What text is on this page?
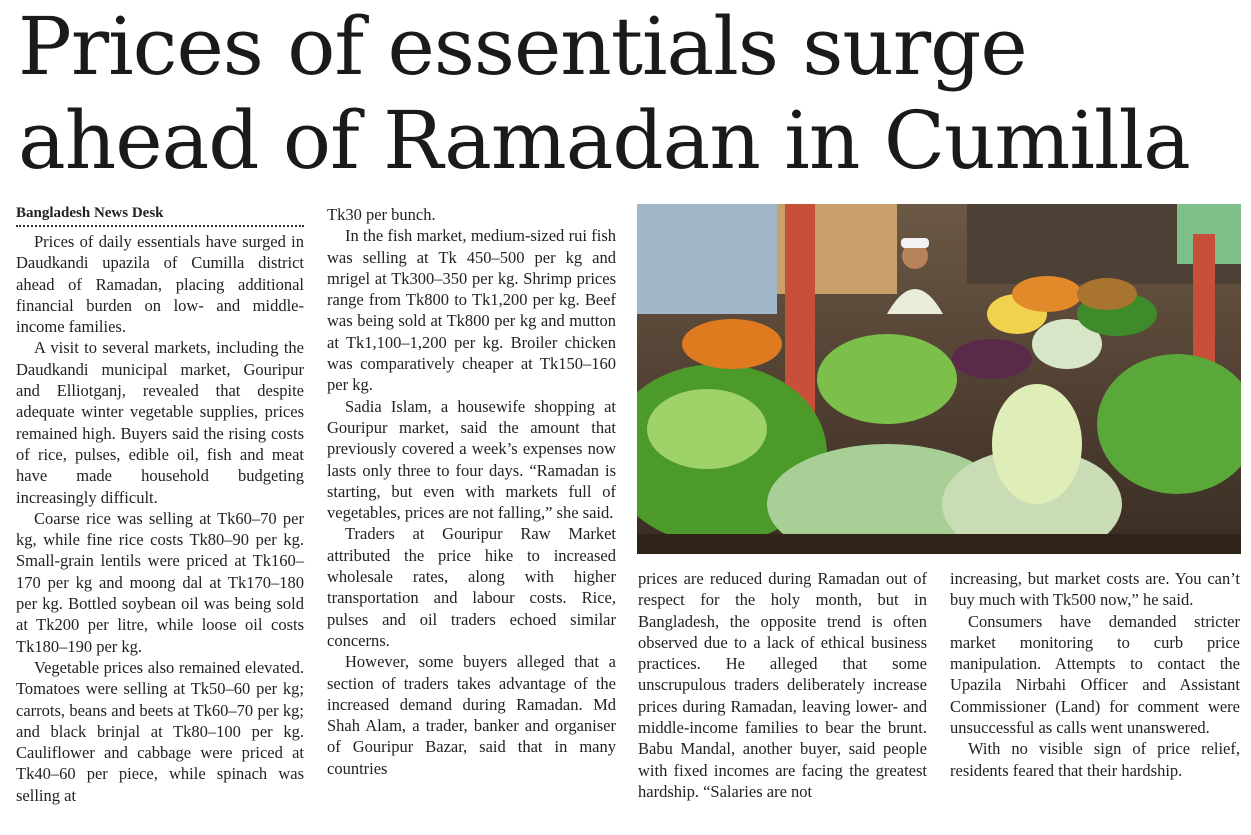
Prices of essentials surge ahead of Ramadan in Cumilla
Bangladesh News Desk

Prices of daily essentials have surged in Daudkandi upazila of Cumilla district ahead of Ramadan, placing additional financial burden on low- and middle-income families.

A visit to several markets, including the Daudkandi municipal market, Gouripur and Elliotganj, revealed that despite adequate winter vegetable supplies, prices remained high. Buyers said the rising costs of rice, pulses, edible oil, fish and meat have made household budgeting increasingly difficult.

Coarse rice was selling at Tk60–70 per kg, while fine rice costs Tk80–90 per kg. Small-grain lentils were priced at Tk160–170 per kg and moong dal at Tk170–180 per kg. Bottled soybean oil was being sold at Tk200 per litre, while loose oil costs Tk180–190 per kg.

Vegetable prices also remained elevated. Tomatoes were selling at Tk50–60 per kg; carrots, beans and beets at Tk60–70 per kg; and black brinjal at Tk80–100 per kg. Cauliflower and cabbage were priced at Tk40–60 per piece, while spinach was selling at

Tk30 per bunch.

In the fish market, medium-sized rui fish was selling at Tk 450–500 per kg and mrigel at Tk300–350 per kg. Shrimp prices range from Tk800 to Tk1,200 per kg. Beef was being sold at Tk800 per kg and mutton at Tk1,100–1,200 per kg. Broiler chicken was comparatively cheaper at Tk150–160 per kg.

Sadia Islam, a housewife shopping at Gouripur market, said the amount that previously covered a week’s expenses now lasts only three to four days. “Ramadan is starting, but even with markets full of vegetables, prices are not falling,” she said.

Traders at Gouripur Raw Market attributed the price hike to increased wholesale rates, along with higher transportation and labour costs. Rice, pulses and oil traders echoed similar concerns.

However, some buyers alleged that a section of traders takes advantage of the increased demand during Ramadan. Md Shah Alam, a trader, banker and organiser of Gouripur Bazar, said that in many countries

prices are reduced during Ramadan out of respect for the holy month, but in Bangladesh, the opposite trend is often observed due to a lack of ethical business practices. He alleged that some unscrupulous traders deliberately increase prices during Ramadan, leaving lower- and middle-income families to bear the brunt. Babu Mandal, another buyer, said people with fixed incomes are facing the greatest hardship. “Salaries are not

increasing, but market costs are. You can’t buy much with Tk500 now,” he said.

Consumers have demanded stricter market monitoring to curb price manipulation. Attempts to contact the Upazila Nirbahi Officer and Assistant Commissioner (Land) for comment were unsuccessful as calls went unanswered.

With no visible sign of price relief, residents feared that their hardship.
